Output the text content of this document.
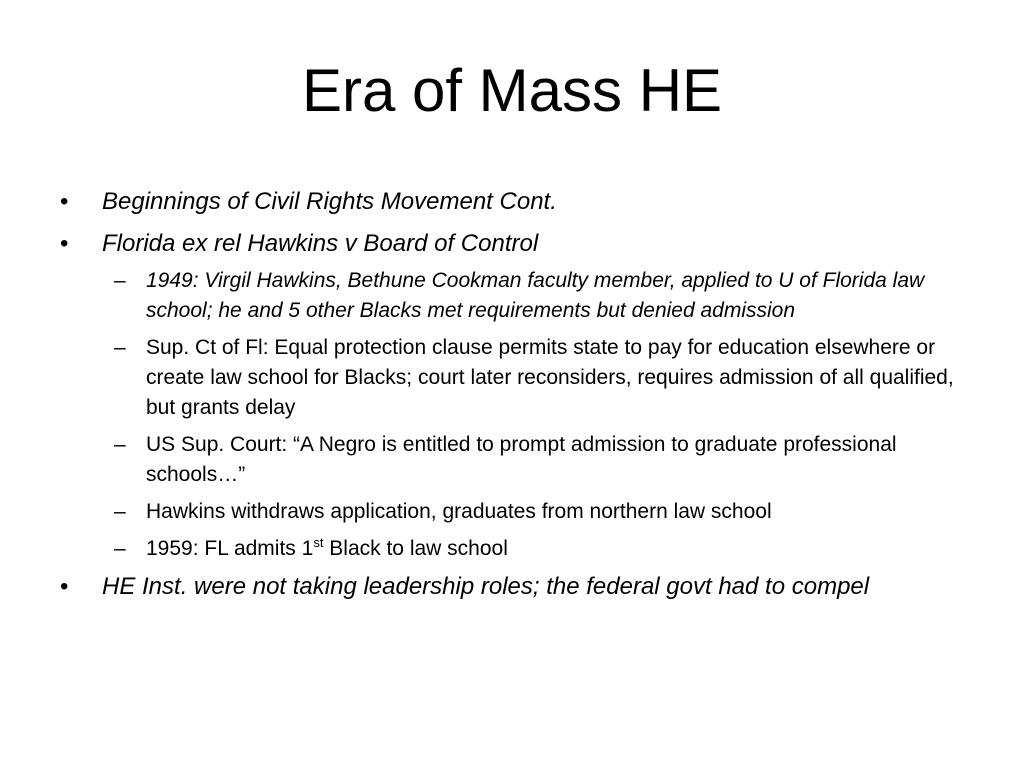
Era of Mass HE
• Beginnings of Civil Rights Movement Cont.
• Florida ex rel Hawkins v Board of Control
– 1949: Virgil Hawkins, Bethune Cookman faculty member, applied to U of Florida law school; he and 5 other Blacks met requirements but denied admission
– Sup. Ct of Fl: Equal protection clause permits state to pay for education elsewhere or create law school for Blacks; court later reconsiders, requires admission of all qualified, but grants delay
– US Sup. Court: “A Negro is entitled to prompt admission to graduate professional schools…”
– Hawkins withdraws application, graduates from northern law school
– 1959: FL admits 1st Black to law school
• HE Inst. were not taking leadership roles; the federal govt had to compel
